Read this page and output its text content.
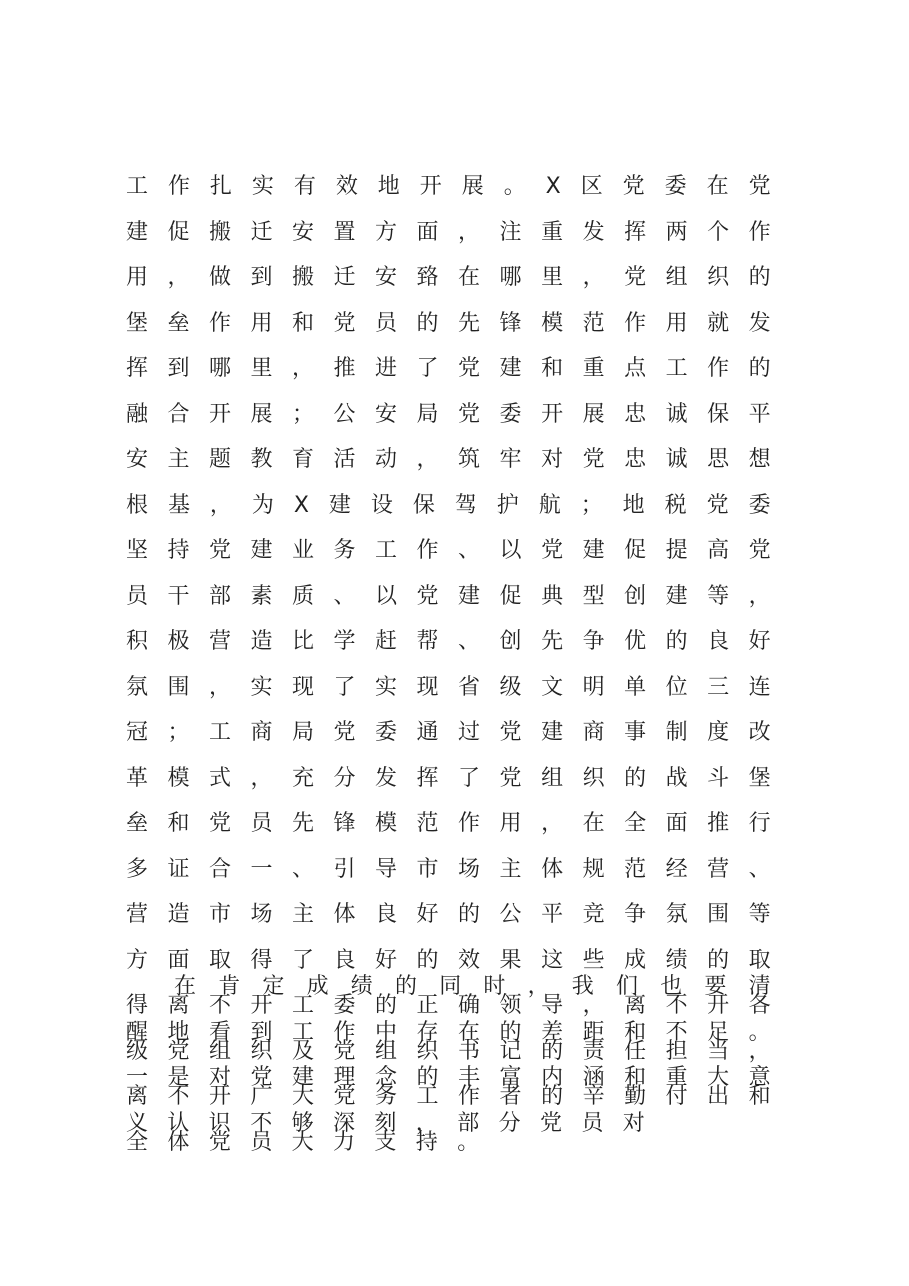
工作扎实有效地开展。X区党委在党建促搬迁安置方面，注重发挥两个作用，做到搬迁安臵在哪里，党组织的堡垒作用和党员的先锋模范作用就发挥到哪里，推进了党建和重点工作的融合开展；公安局党委开展忠诚保平安主题教育活动，筑牢对党忠诚思想根基，为X建设保驾护航；地税党委坚持党建业务工作、以党建促提高党员干部素质、以党建促典型创建等，积极营造比学赶帮、创先争优的良好氛围，实现了实现省级文明单位三连冠；工商局党委通过党建商事制度改革模式，充分发挥了党组织的战斗堡垒和党员先锋模范作用，在全面推行多证合一、引导市场主体规范经营、营造市场主体良好的公平竞争氛围等方面取得了良好的效果这些成绩的取得离不开工委的正确领导，离不开各级党组织及党组织书记的责任担当，离不开广大党务工作者的辛勤付出和全体党员大力支持。

在肯定成绩的同时，我们也要清醒地看到工作中存在的差距和不足。一是对党建理念的丰富内涵和重大意义认识不够深刻，部分党员对
